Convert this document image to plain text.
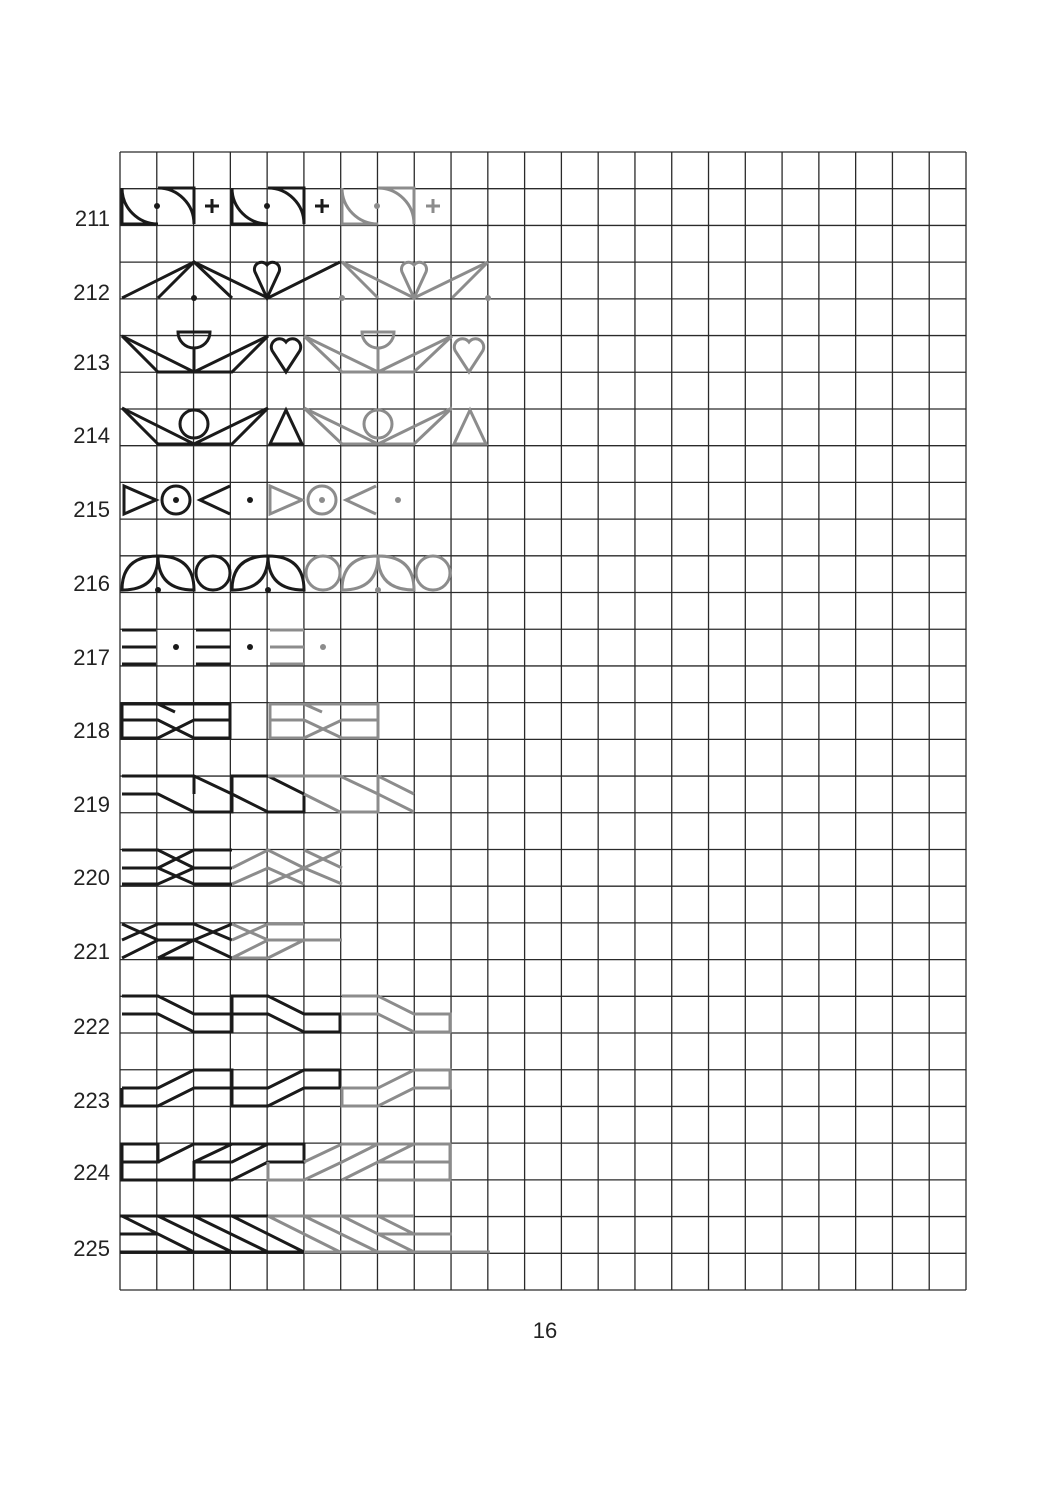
211
212
213
214
215
216
217
218
219
220
221
222
223
224
225
16
